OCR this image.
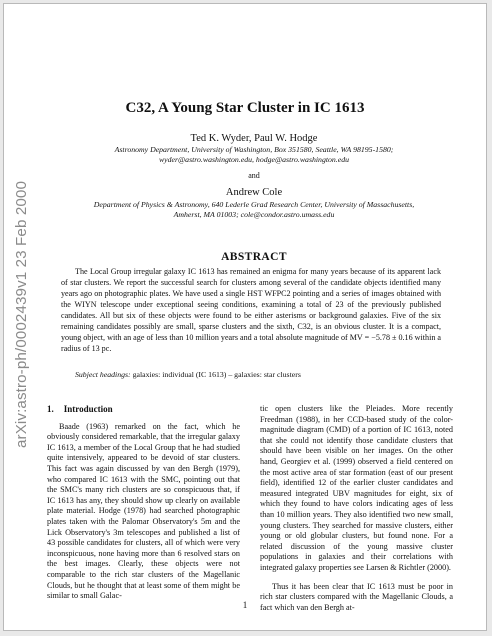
arXiv:astro-ph/0002439v1 23 Feb 2000
C32, A Young Star Cluster in IC 1613
Ted K. Wyder, Paul W. Hodge
Astronomy Department, University of Washington, Box 351580, Seattle, WA 98195-1580;
wyder@astro.washington.edu, hodge@astro.washington.edu
and
Andrew Cole
Department of Physics & Astronomy, 640 Lederle Grad Research Center, University of Massachusetts,
Amherst, MA 01003; cole@condor.astro.umass.edu
ABSTRACT

The Local Group irregular galaxy IC 1613 has remained an enigma for many years because of its apparent lack of star clusters. We report the successful search for clusters among several of the candidate objects identified many years ago on photographic plates. We have used a single HST WFPC2 pointing and a series of images obtained with the WIYN telescope under exceptional seeing conditions, examining a total of 23 of the previously published candidates. All but six of these objects were found to be either asterisms or background galaxies. Five of the six remaining candidates possibly are small, sparse clusters and the sixth, C32, is an obvious cluster. It is a compact, young object, with an age of less than 10 million years and a total absolute magnitude of MV = −5.78 ± 0.16 within a radius of 13 pc.

Subject headings: galaxies: individual (IC 1613) – galaxies: star clusters

1. Introduction

Baade (1963) remarked on the fact, which he obviously considered remarkable, that the irregular galaxy IC 1613, a member of the Local Group that he had studied quite intensively, appeared to be devoid of star clusters. This fact was again discussed by van den Bergh (1979), who compared IC 1613 with the SMC, pointing out that the SMC's many rich clusters are so conspicuous that, if IC 1613 has any, they should show up clearly on available plate material. Hodge (1978) had searched photographic plates taken with the Palomar Observatory's 5m and the Lick Observatory's 3m telescopes and published a list of 43 possible candidates for clusters, all of which were very inconspicuous, none having more than 6 resolved stars on the best images. Clearly, these objects were not comparable to the rich star clusters of the Magellanic Clouds, but he thought that at least some of them might be similar to small Galac-

tic open clusters like the Pleiades. More recently Freedman (1988), in her CCD-based study of the color-magnitude diagram (CMD) of a portion of IC 1613, noted that she could not identify those candidate clusters that should have been visible on her images. On the other hand, Georgiev et al. (1999) observed a field centered on the most active area of star formation (east of our present field), identified 12 of the earlier cluster candidates and measured integrated UBV magnitudes for eight, six of which they found to have colors indicating ages of less than 10 million years. They also identified two new small, young clusters. They searched for massive clusters, either young or old globular clusters, but found none. For a related discussion of the young massive cluster populations in galaxies and their correlations with integrated galaxy properties see Larsen & Richtler (2000).

Thus it has been clear that IC 1613 must be poor in rich star clusters compared with the Magellanic Clouds, a fact which van den Bergh at-

1
